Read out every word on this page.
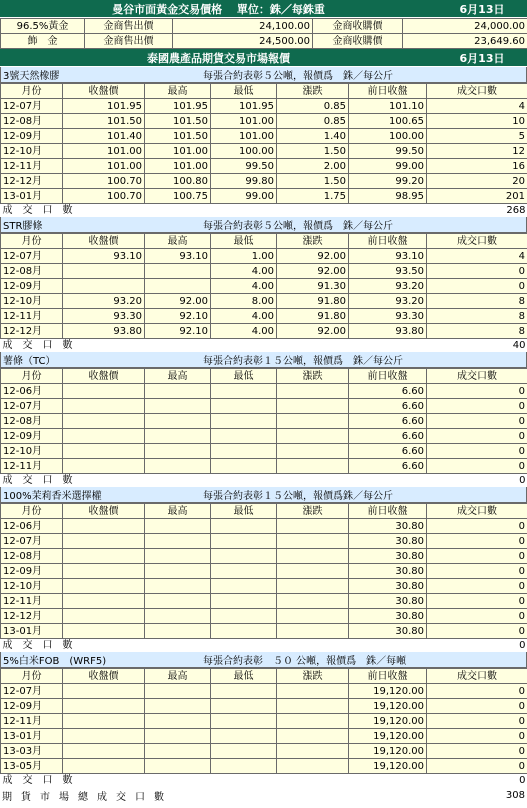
曼谷市面黃金交易價格　 單位：銖／每銖重	6月13日
96.5%黃金	金商售出價	24,100.00	金商收購價	24,000.00
飾　金	金商售出價	24,500.00	金商收購價	23,649.60
泰國農產品期貨交易市場報價	6月13日
3號天然橡膠	每張合約表彰５公噸，報價爲　銖／每公斤
月份	收盤價	最高	最低	漲跌	前日收盤	成交口數
12-07月	101.95	101.95	101.95	0.85	101.10	4
12-08月	101.50	101.50	101.00	0.85	100.65	10
12-09月	101.40	101.50	101.00	1.40	100.00	5
12-10月	101.00	101.00	100.00	1.50	99.50	12
12-11月	101.00	101.00	99.50	2.00	99.00	16
12-12月	100.70	100.80	99.80	1.50	99.20	20
13-01月	100.70	100.75	99.00	1.75	98.95	201
成　交　口　數						268
STR膠條	每張合約表彰５公噸，報價爲　銖／每公斤
月份	收盤價	最高	最低	漲跌	前日收盤	成交口數
12-07月	93.10	93.10	1.00	92.00	93.10	4
12-08月			4.00	92.00	93.50	0
12-09月			4.00	91.30	93.20	0
12-10月	93.20	92.00	8.00	91.80	93.20	8
12-11月	93.30	92.10	4.00	91.80	93.30	8
12-12月	93.80	92.10	4.00	92.00	93.80	8
成　交　口　數						40
薯條（TC）	每張合約表彰１５公噸，報價爲　銖／每公斤
月份	收盤價	最高	最低	漲跌	前日收盤	成交口數
12-06月					6.60	0
12-07月					6.60	0
12-08月					6.60	0
12-09月					6.60	0
12-10月					6.60	0
12-11月					6.60	0
成　交　口　數						0
100%茉莉香米選擇權	每張合約表彰１５公噸，報價爲銖／每公斤
月份	收盤價	最高	最低	漲跌	前日收盤	成交口數
12-06月					30.80	0
12-07月					30.80	0
12-08月					30.80	0
12-09月					30.80	0
12-10月					30.80	0
12-11月					30.80	0
12-12月					30.80	0
13-01月					30.80	0
成　交　口　數						0
5%白米FOB　(WRF5)	每張合約表彰　５０ 公噸，報價爲　銖／每噸
月份	收盤價	最高	最低	漲跌	前日收盤	成交口數
12-07月					19,120.00	0
12-09月					19,120.00	0
12-11月					19,120.00	0
13-01月					19,120.00	0
13-03月					19,120.00	0
13-05月					19,120.00	0
成　交　口　數						0
期貨市場總成交口數	308
